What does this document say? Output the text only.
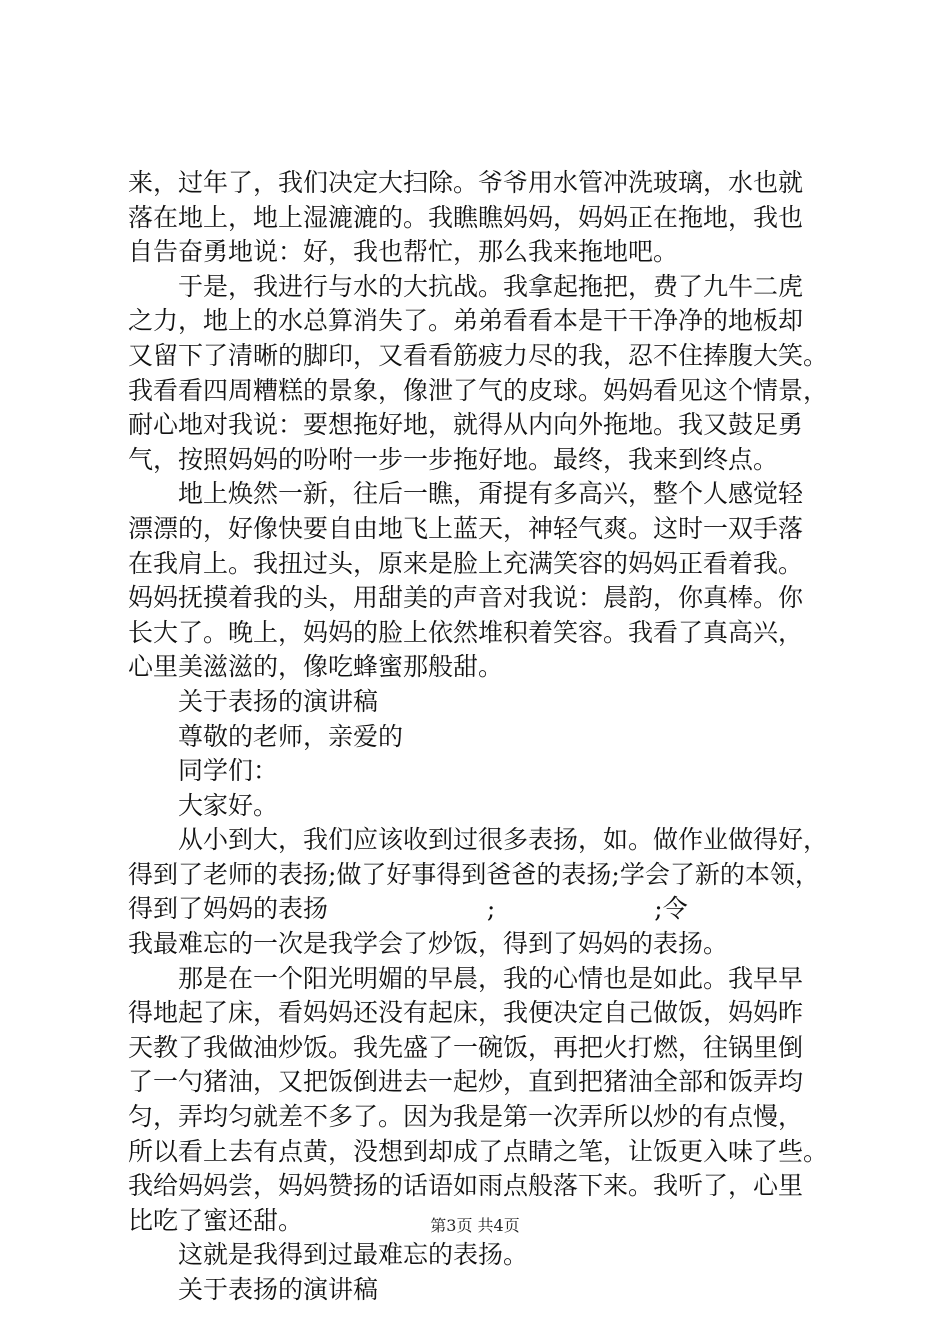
来，过年了，我们决定大扫除。爷爷用水管冲洗玻璃，水也就
落在地上，地上湿漉漉的。我瞧瞧妈妈，妈妈正在拖地，我也
自告奋勇地说：好，我也帮忙，那么我来拖地吧。
于是，我进行与水的大抗战。我拿起拖把，费了九牛二虎
之力，地上的水总算消失了。弟弟看看本是干干净净的地板却
又留下了清晰的脚印，又看看筋疲力尽的我，忍不住捧腹大笑。
我看看四周糟糕的景象，像泄了气的皮球。妈妈看见这个情景，
耐心地对我说：要想拖好地，就得从内向外拖地。我又鼓足勇
气，按照妈妈的吩咐一步一步拖好地。最终，我来到终点。
地上焕然一新，往后一瞧，甭提有多高兴，整个人感觉轻
漂漂的，好像快要自由地飞上蓝天，神轻气爽。这时一双手落
在我肩上。我扭过头，原来是脸上充满笑容的妈妈正看着我。
妈妈抚摸着我的头，用甜美的声音对我说：晨韵，你真棒。你
长大了。晚上，妈妈的脸上依然堆积着笑容。我看了真高兴，
心里美滋滋的，像吃蜂蜜那般甜。
关于表扬的演讲稿
尊敬的老师，亲爱的
同学们：
大家好。
从小到大，我们应该收到过很多表扬，如。做作业做得好，
得到了老师的表扬;做了好事得到爸爸的表扬;学会了新的本领，
得到了妈妈的表扬                    ;                    ;令
我最难忘的一次是我学会了炒饭，得到了妈妈的表扬。
那是在一个阳光明媚的早晨，我的心情也是如此。我早早
得地起了床，看妈妈还没有起床，我便决定自己做饭，妈妈昨
天教了我做油炒饭。我先盛了一碗饭，再把火打燃，往锅里倒
了一勺猪油，又把饭倒进去一起炒，直到把猪油全部和饭弄均
匀，弄均匀就差不多了。因为我是第一次弄所以炒的有点慢，
所以看上去有点黄，没想到却成了点睛之笔，让饭更入味了些。
我给妈妈尝，妈妈赞扬的话语如雨点般落下来。我听了，心里
比吃了蜜还甜。
这就是我得到过最难忘的表扬。
关于表扬的演讲稿
第3页 共4页
